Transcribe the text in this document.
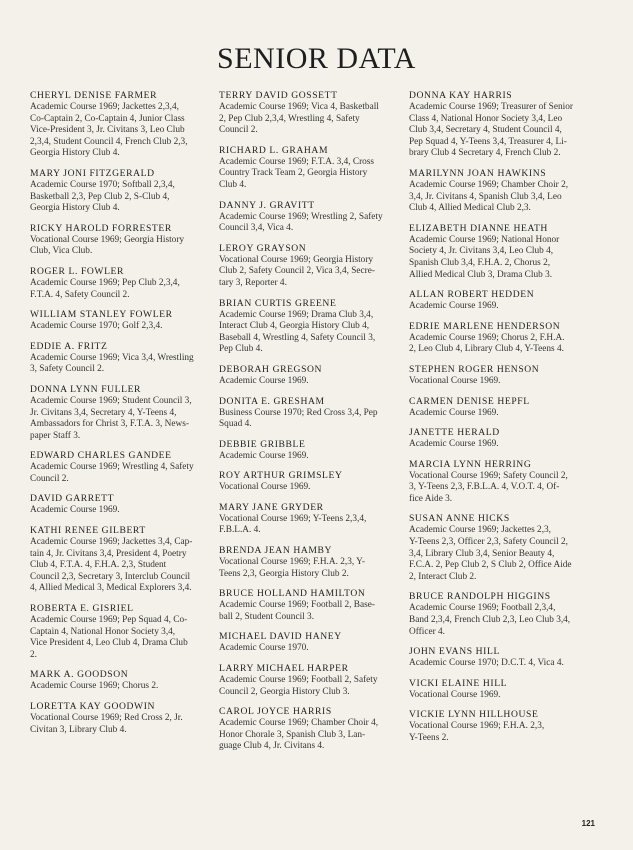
SENIOR DATA
CHERYL DENISE FARMER
Academic Course 1969; Jackettes 2,3,4,
Co-Captain 2, Co-Captain 4, Junior Class
Vice-President 3, Jr. Civitans 3, Leo Club
2,3,4, Student Council 4, French Club 2,3,
Georgia History Club 4.
MARY JONI FITZGERALD
Academic Course 1970; Softball 2,3,4,
Basketball 2,3, Pep Club 2, S-Club 4,
Georgia History Club 4.
RICKY HAROLD FORRESTER
Vocational Course 1969; Georgia History
Club, Vica Club.
ROGER L. FOWLER
Academic Course 1969; Pep Club 2,3,4,
F.T.A. 4, Safety Council 2.
WILLIAM STANLEY FOWLER
Academic Course 1970; Golf 2,3,4.
EDDIE A. FRITZ
Academic Course 1969; Vica 3,4, Wrestling
3, Safety Council 2.
DONNA LYNN FULLER
Academic Course 1969; Student Council 3,
Jr. Civitans 3,4, Secretary 4, Y-Teens 4,
Ambassadors for Christ 3, F.T.A. 3, News-
paper Staff 3.
EDWARD CHARLES GANDEE
Academic Course 1969; Wrestling 4, Safety
Council 2.
DAVID GARRETT
Academic Course 1969.
KATHI RENEE GILBERT
Academic Course 1969; Jackettes 3,4, Cap-
tain 4, Jr. Civitans 3,4, President 4, Poetry
Club 4, F.T.A. 4, F.H.A. 2,3, Student
Council 2,3, Secretary 3, Interclub Council
4, Allied Medical 3, Medical Explorers 3,4.
ROBERTA E. GISRIEL
Academic Course 1969; Pep Squad 4, Co-
Captain 4, National Honor Society 3,4,
Vice President 4, Leo Club 4, Drama Club
2.
MARK A. GOODSON
Academic Course 1969; Chorus 2.
LORETTA KAY GOODWIN
Vocational Course 1969; Red Cross 2, Jr.
Civitan 3, Library Club 4.
TERRY DAVID GOSSETT
Academic Course 1969; Vica 4, Basketball
2, Pep Club 2,3,4, Wrestling 4, Safety
Council 2.
RICHARD L. GRAHAM
Academic Course 1969; F.T.A. 3,4, Cross
Country Track Team 2, Georgia History
Club 4.
DANNY J. GRAVITT
Academic Course 1969; Wrestling 2, Safety
Council 3,4, Vica 4.
LEROY GRAYSON
Vocational Course 1969; Georgia History
Club 2, Safety Council 2, Vica 3,4, Secre-
tary 3, Reporter 4.
BRIAN CURTIS GREENE
Academic Course 1969; Drama Club 3,4,
Interact Club 4, Georgia History Club 4,
Baseball 4, Wrestling 4, Safety Council 3,
Pep Club 4.
DEBORAH GREGSON
Academic Course 1969.
DONITA E. GRESHAM
Business Course 1970; Red Cross 3,4, Pep
Squad 4.
DEBBIE GRIBBLE
Academic Course 1969.
ROY ARTHUR GRIMSLEY
Vocational Course 1969.
MARY JANE GRYDER
Vocational Course 1969; Y-Teens 2,3,4,
F.B.L.A. 4.
BRENDA JEAN HAMBY
Vocational Course 1969; F.H.A. 2,3, Y-
Teens 2,3, Georgia History Club 2.
BRUCE HOLLAND HAMILTON
Academic Course 1969; Football 2, Base-
ball 2, Student Council 3.
MICHAEL DAVID HANEY
Academic Course 1970.
LARRY MICHAEL HARPER
Academic Course 1969; Football 2, Safety
Council 2, Georgia History Club 3.
CAROL JOYCE HARRIS
Academic Course 1969; Chamber Choir 4,
Honor Chorale 3, Spanish Club 3, Lan-
guage Club 4, Jr. Civitans 4.
DONNA KAY HARRIS
Academic Course 1969; Treasurer of Senior
Class 4, National Honor Society 3,4, Leo
Club 3,4, Secretary 4, Student Council 4,
Pep Squad 4, Y-Teens 3,4, Treasurer 4, Li-
brary Club 4 Secretary 4, French Club 2.
MARILYNN JOAN HAWKINS
Academic Course 1969; Chamber Choir 2,
3,4, Jr. Civitans 4, Spanish Club 3,4, Leo
Club 4, Allied Medical Club 2,3.
ELIZABETH DIANNE HEATH
Academic Course 1969; National Honor
Society 4, Jr. Civitans 3,4, Leo Club 4,
Spanish Club 3,4, F.H.A. 2, Chorus 2,
Allied Medical Club 3, Drama Club 3.
ALLAN ROBERT HEDDEN
Academic Course 1969.
EDRIE MARLENE HENDERSON
Academic Course 1969; Chorus 2, F.H.A.
2, Leo Club 4, Library Club 4, Y-Teens 4.
STEPHEN ROGER HENSON
Vocational Course 1969.
CARMEN DENISE HEPFL
Academic Course 1969.
JANETTE HERALD
Academic Course 1969.
MARCIA LYNN HERRING
Vocational Course 1969; Safety Council 2,
3, Y-Teens 2,3, F.B.L.A. 4, V.O.T. 4, Of-
fice Aide 3.
SUSAN ANNE HICKS
Academic Course 1969; Jackettes 2,3,
Y-Teens 2,3, Officer 2,3, Safety Council 2,
3,4, Library Club 3,4, Senior Beauty 4,
F.C.A. 2, Pep Club 2, S Club 2, Office Aide
2, Interact Club 2.
BRUCE RANDOLPH HIGGINS
Academic Course 1969; Football 2,3,4,
Band 2,3,4, French Club 2,3, Leo Club 3,4,
Officer 4.
JOHN EVANS HILL
Academic Course 1970; D.C.T. 4, Vica 4.
VICKI ELAINE HILL
Vocational Course 1969.
VICKIE LYNN HILLHOUSE
Vocational Course 1969; F.H.A. 2,3,
Y-Teens 2.
121
